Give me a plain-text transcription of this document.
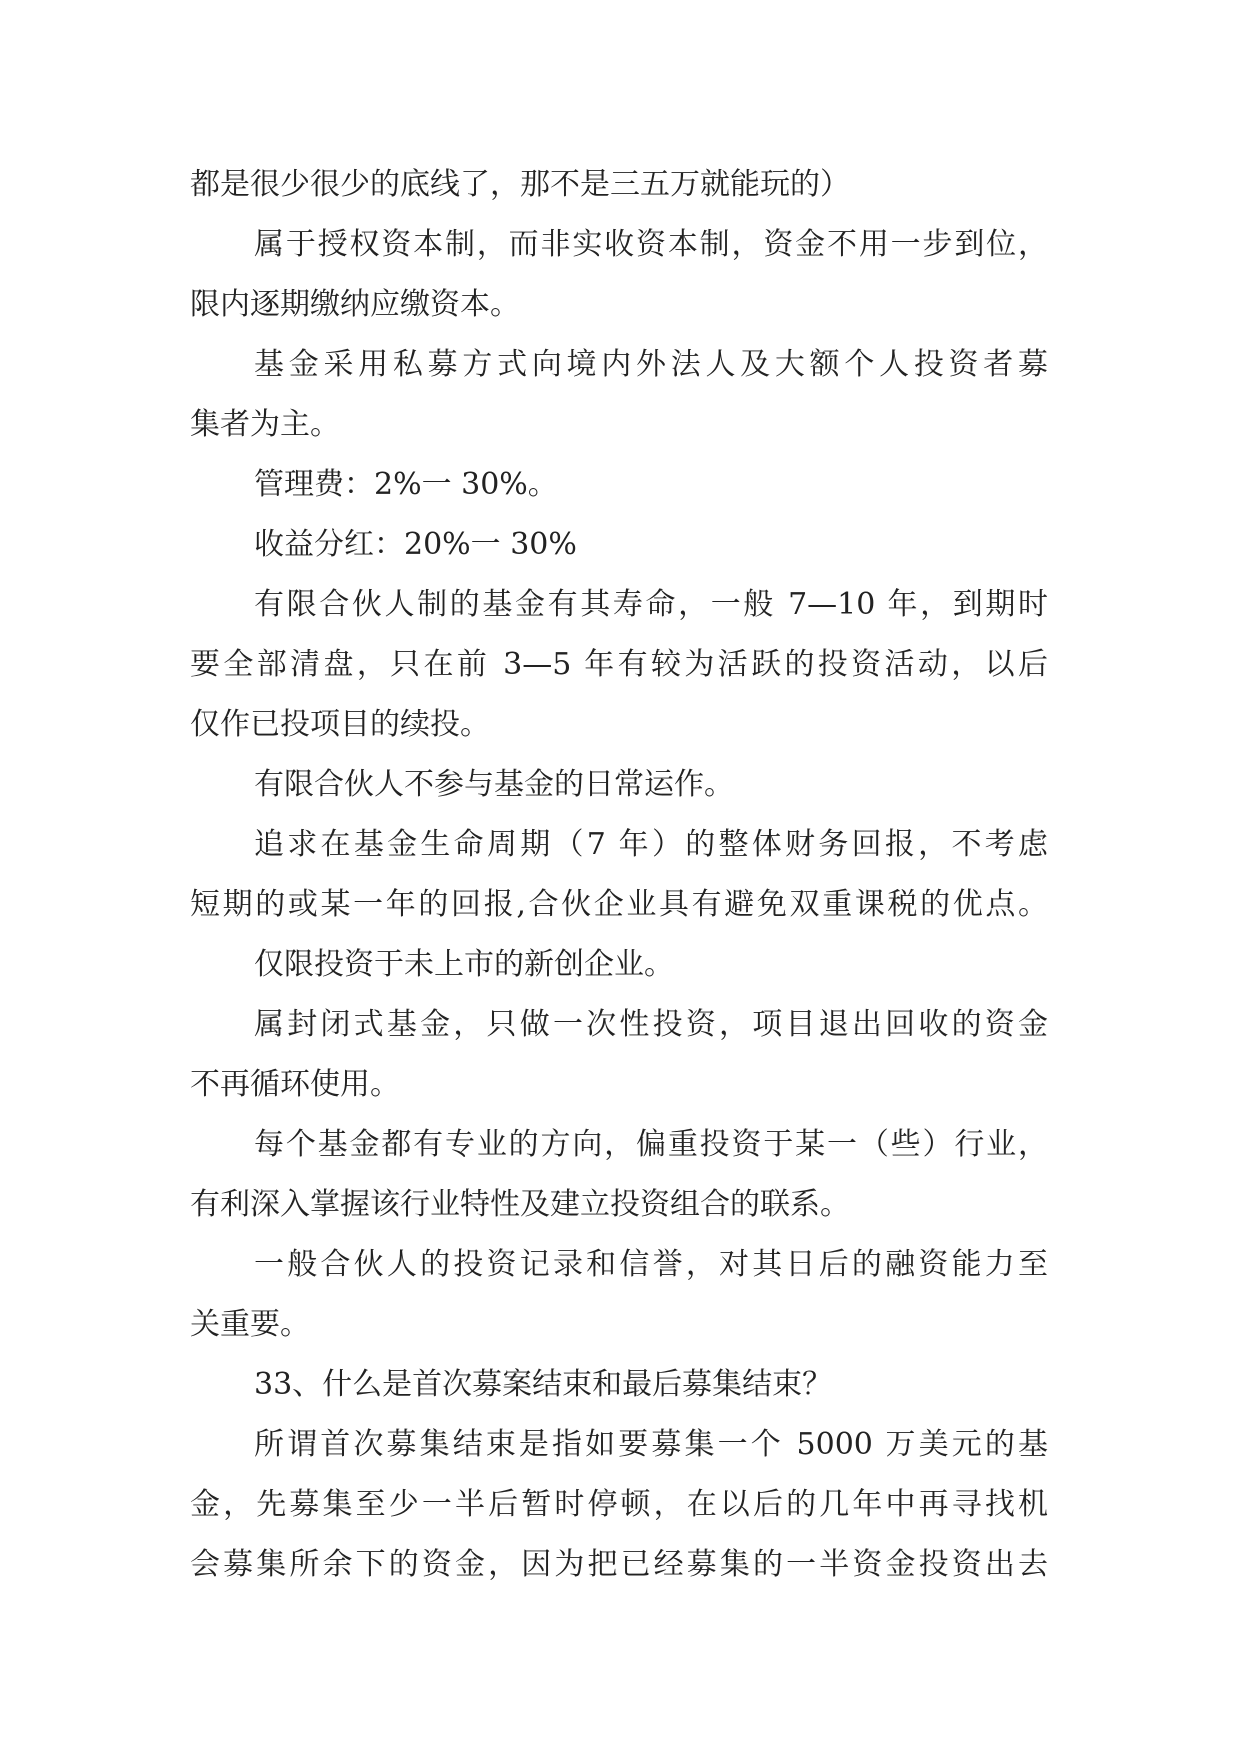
都是很少很少的底线了，那不是三五万就能玩的）
属于授权资本制，而非实收资本制，资金不用一步到位，
限内逐期缴纳应缴资本。
基金采用私募方式向境内外法人及大额个人投资者募
集者为主。
管理费：2%一 30%。
收益分红：20%一 30%
有限合伙人制的基金有其寿命，一般 7—10 年，到期时
要全部清盘，只在前 3—5 年有较为活跃的投资活动，以后
仅作已投项目的续投。
有限合伙人不参与基金的日常运作。
追求在基金生命周期（7 年）的整体财务回报，不考虑
短期的或某一年的回报,合伙企业具有避免双重课税的优点。
仅限投资于未上市的新创企业。
属封闭式基金，只做一次性投资，项目退出回收的资金
不再循环使用。
每个基金都有专业的方向，偏重投资于某一（些）行业，
有利深入掌握该行业特性及建立投资组合的联系。
一般合伙人的投资记录和信誉，对其日后的融资能力至
关重要。
33、什么是首次募案结束和最后募集结束？
所谓首次募集结束是指如要募集一个 5000 万美元的基
金，先募集至少一半后暂时停顿，在以后的几年中再寻找机
会募集所余下的资金，因为把已经募集的一半资金投资出去
